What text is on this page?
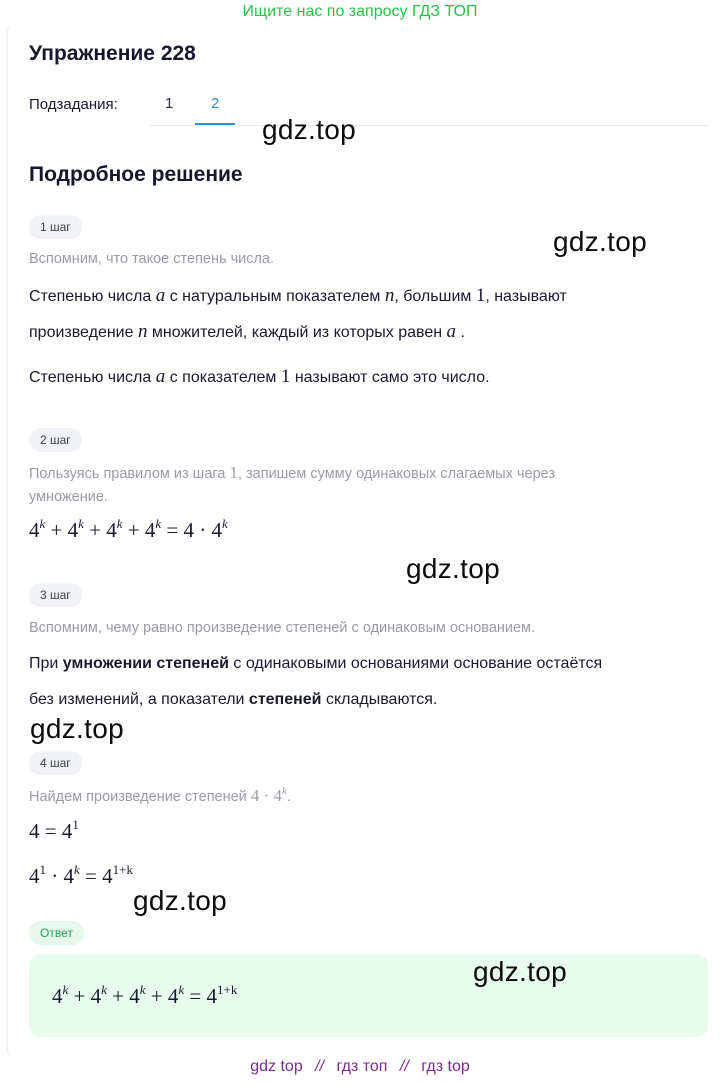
Ищите нас по запросу ГДЗ ТОП
Упражнение 228
Подзадания:	1	2
Подробное решение
1 шаг
Вспомним, что такое степень числа.
Степенью числа a с натуральным показателем n, большим 1, называют
произведение n множителей, каждый из которых равен a .
Степенью числа a с показателем 1 называют само это число.
2 шаг
Пользуясь правилом из шага 1, запишем сумму одинаковых слагаемых через
умножение.
$4^k + 4^k + 4^k + 4^k = 4 \cdot 4^k$
3 шаг
Вспомним, чему равно произведение степеней с одинаковым основанием.
При умножении степеней с одинаковыми основаниями основание остаётся
без изменений, а показатели степеней складываются.
4 шаг
Найдем произведение степеней $4 \cdot 4^k$.
$4 = 4^1$
$4^1 \cdot 4^k = 4^{1+k}$
Ответ
$4^k + 4^k + 4^k + 4^k = 4^{1+k}$
gdz.top
gdz.top
gdz.top
gdz.top
gdz.top
gdz.top
gdz top // гдз топ // гдз top
